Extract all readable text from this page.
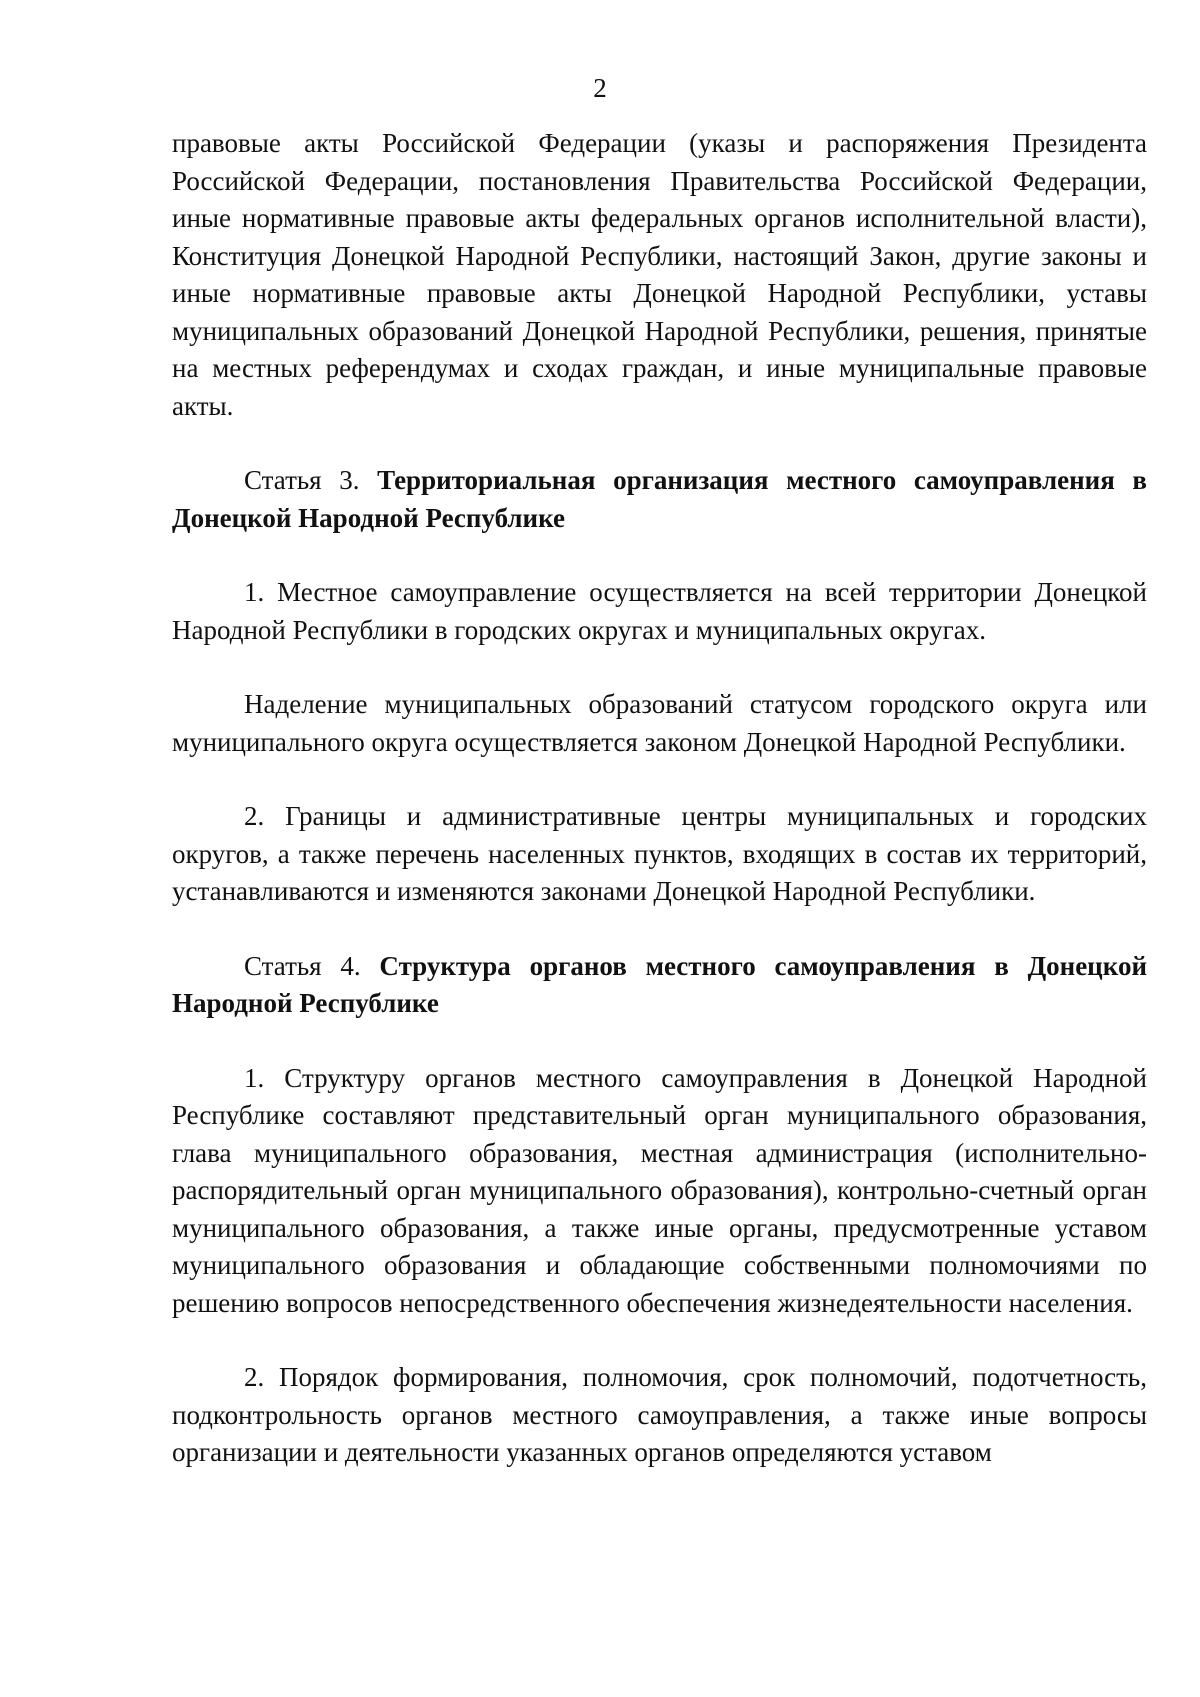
2

правовые акты Российской Федерации (указы и распоряжения Президента Российской Федерации, постановления Правительства Российской Федерации, иные нормативные правовые акты федеральных органов исполнительной власти), Конституция Донецкой Народной Республики, настоящий Закон, другие законы и иные нормативные правовые акты Донецкой Народной Республики, уставы муниципальных образований Донецкой Народной Республики, решения, принятые на местных референдумах и сходах граждан, и иные муниципальные правовые акты.

Статья 3. Территориальная организация местного самоуправления в Донецкой Народной Республике

1. Местное самоуправление осуществляется на всей территории Донецкой Народной Республики в городских округах и муниципальных округах.

Наделение муниципальных образований статусом городского округа или муниципального округа осуществляется законом Донецкой Народной Республики.

2. Границы и административные центры муниципальных и городских округов, а также перечень населенных пунктов, входящих в состав их территорий, устанавливаются и изменяются законами Донецкой Народной Республики.

Статья 4. Структура органов местного самоуправления в Донецкой Народной Республике

1. Структуру органов местного самоуправления в Донецкой Народной Республике составляют представительный орган муниципального образования, глава муниципального образования, местная администрация (исполнительно-распорядительный орган муниципального образования), контрольно-счетный орган муниципального образования, а также иные органы, предусмотренные уставом муниципального образования и обладающие собственными полномочиями по решению вопросов непосредственного обеспечения жизнедеятельности населения.

2. Порядок формирования, полномочия, срок полномочий, подотчетность, подконтрольность органов местного самоуправления, а также иные вопросы организации и деятельности указанных органов определяются уставом
